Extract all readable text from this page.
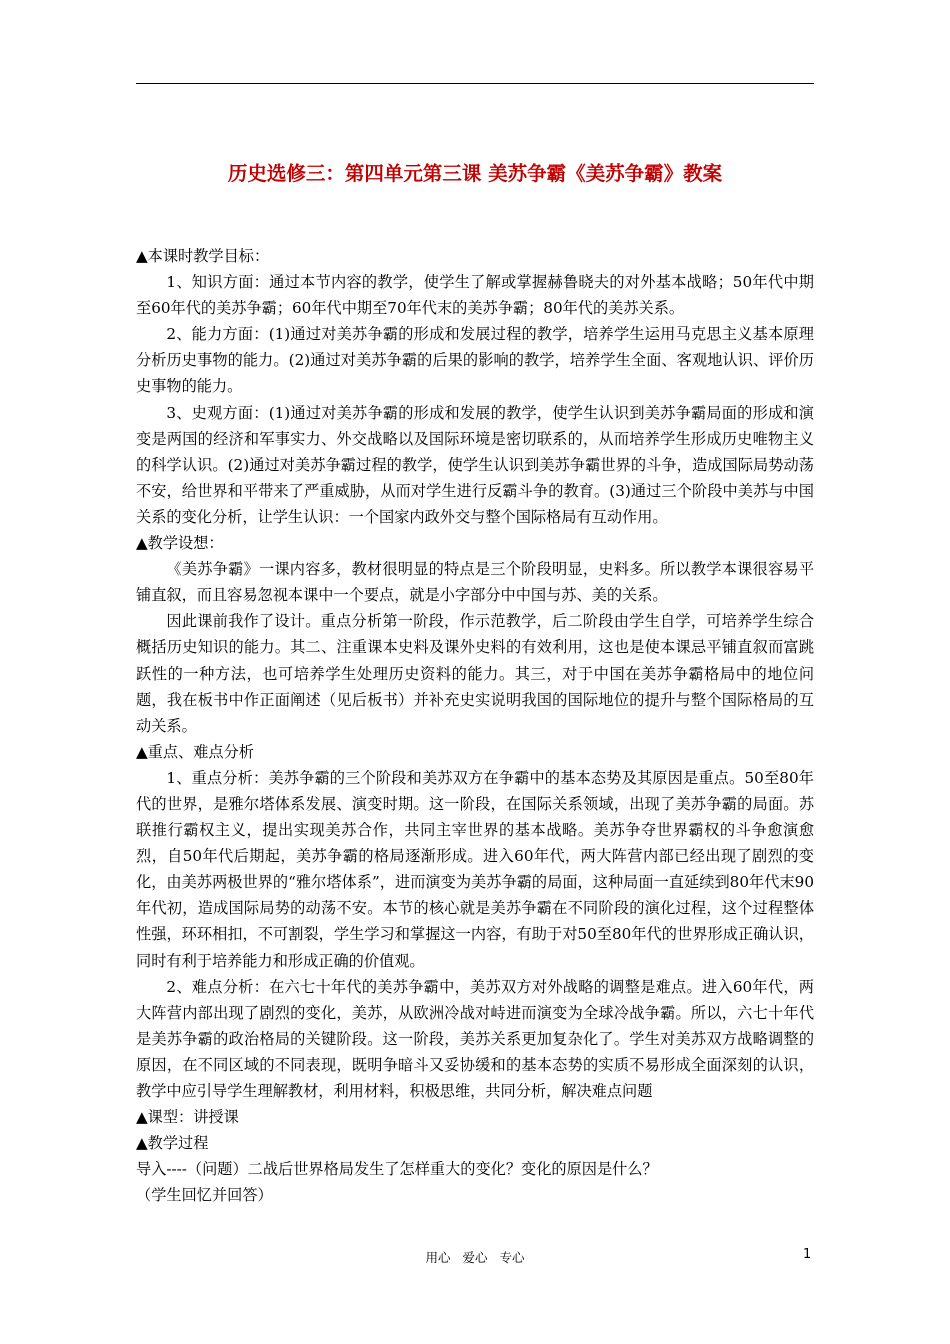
历史选修三：第四单元第三课 美苏争霸《美苏争霸》教案

▲本课时教学目标：

1、知识方面：通过本节内容的教学，使学生了解或掌握赫鲁晓夫的对外基本战略；50年代中期至60年代的美苏争霸；60年代中期至70年代末的美苏争霸；80年代的美苏关系。

2、能力方面：(1)通过对美苏争霸的形成和发展过程的教学，培养学生运用马克思主义基本原理分析历史事物的能力。(2)通过对美苏争霸的后果的影响的教学，培养学生全面、客观地认识、评价历史事物的能力。

3、史观方面：(1)通过对美苏争霸的形成和发展的教学，使学生认识到美苏争霸局面的形成和演变是两国的经济和军事实力、外交战略以及国际环境是密切联系的，从而培养学生形成历史唯物主义的科学认识。(2)通过对美苏争霸过程的教学，使学生认识到美苏争霸世界的斗争，造成国际局势动荡不安，给世界和平带来了严重威胁，从而对学生进行反霸斗争的教育。(3)通过三个阶段中美苏与中国关系的变化分析，让学生认识：一个国家内政外交与整个国际格局有互动作用。

▲教学设想：

《美苏争霸》一课内容多，教材很明显的特点是三个阶段明显，史料多。所以教学本课很容易平铺直叙，而且容易忽视本课中一个要点，就是小字部分中中国与苏、美的关系。

因此课前我作了设计。重点分析第一阶段，作示范教学，后二阶段由学生自学，可培养学生综合概括历史知识的能力。其二、注重课本史料及课外史料的有效利用，这也是使本课忌平铺直叙而富跳跃性的一种方法，也可培养学生处理历史资料的能力。其三，对于中国在美苏争霸格局中的地位问题，我在板书中作正面阐述（见后板书）并补充史实说明我国的国际地位的提升与整个国际格局的互动关系。

▲重点、难点分析

1、重点分析：美苏争霸的三个阶段和美苏双方在争霸中的基本态势及其原因是重点。50至80年代的世界，是雅尔塔体系发展、演变时期。这一阶段，在国际关系领域，出现了美苏争霸的局面。苏联推行霸权主义，提出实现美苏合作，共同主宰世界的基本战略。美苏争夺世界霸权的斗争愈演愈烈，自50年代后期起，美苏争霸的格局逐渐形成。进入60年代，两大阵营内部已经出现了剧烈的变化，由美苏两极世界的“雅尔塔体系”，进而演变为美苏争霸的局面，这种局面一直延续到80年代末90年代初，造成国际局势的动荡不安。本节的核心就是美苏争霸在不同阶段的演化过程，这个过程整体性强，环环相扣，不可割裂，学生学习和掌握这一内容，有助于对50至80年代的世界形成正确认识，同时有利于培养能力和形成正确的价值观。

2、难点分析：在六七十年代的美苏争霸中，美苏双方对外战略的调整是难点。进入60年代，两大阵营内部出现了剧烈的变化，美苏，从欧洲冷战对峙进而演变为全球冷战争霸。所以，六七十年代是美苏争霸的政治格局的关键阶段。这一阶段，美苏关系更加复杂化了。学生对美苏双方战略调整的原因，在不同区域的不同表现，既明争暗斗又妥协缓和的基本态势的实质不易形成全面深刻的认识，教学中应引导学生理解教材，利用材料，积极思维，共同分析，解决难点问题

▲课型：讲授课

▲教学过程

导入----（问题）二战后世界格局发生了怎样重大的变化？变化的原因是什么？

（学生回忆并回答）

用心 爱心 专心	1
